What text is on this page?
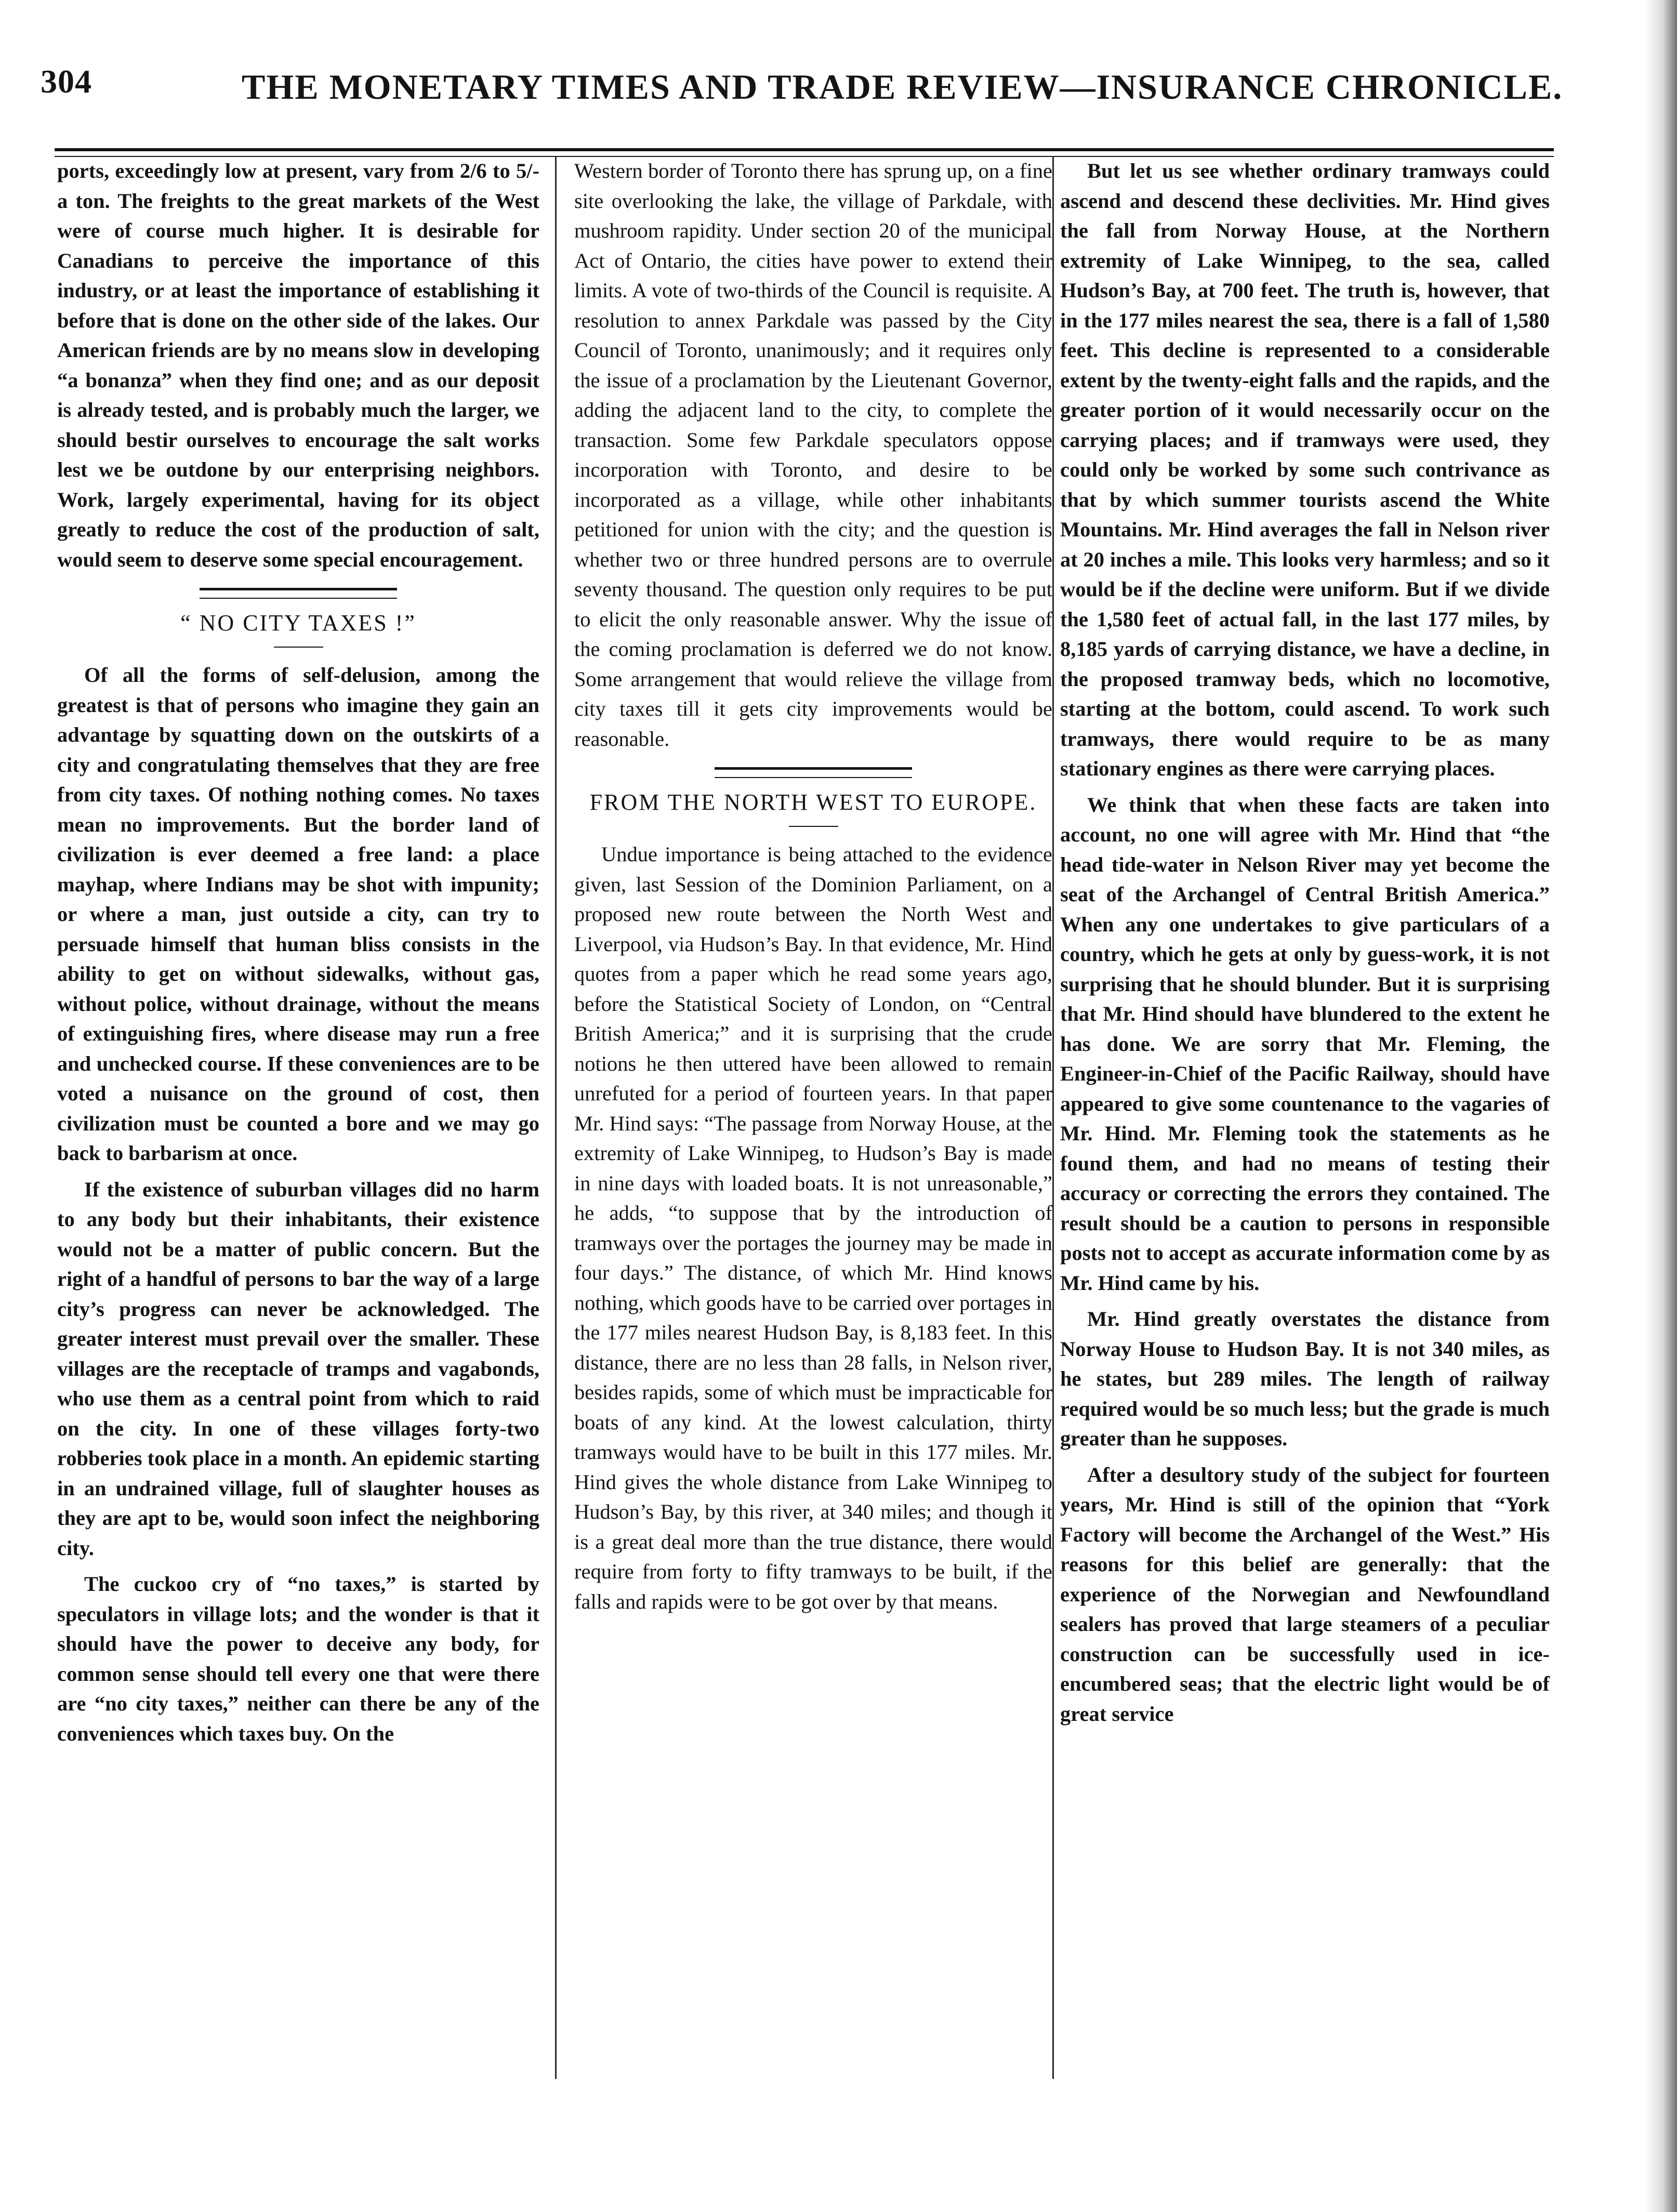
304	THE MONETARY TIMES AND TRADE REVIEW—INSURANCE CHRONICLE.

ports, exceedingly low at present, vary from 2/6 to 5/- a ton. The freights to the great markets of the West were of course much higher. It is desirable for Canadians to perceive the importance of this industry, or at least the importance of establishing it before that is done on the other side of the lakes. Our American friends are by no means slow in developing “a bonanza” when they find one; and as our deposit is already tested, and is probably much the larger, we should bestir ourselves to encourage the salt works lest we be outdone by our enterprising neighbors. Work, largely experimental, having for its object greatly to reduce the cost of the production of salt, would seem to deserve some special encouragement.

“ NO CITY TAXES !”

Of all the forms of self-delusion, among the greatest is that of persons who imagine they gain an advantage by squatting down on the outskirts of a city and congratulating themselves that they are free from city taxes. Of nothing nothing comes. No taxes mean no improvements. But the border land of civilization is ever deemed a free land: a place mayhap, where Indians may be shot with impunity; or where a man, just outside a city, can try to persuade himself that human bliss consists in the ability to get on without sidewalks, without gas, without police, without drainage, without the means of extinguishing fires, where disease may run a free and unchecked course. If these conveniences are to be voted a nuisance on the ground of cost, then civilization must be counted a bore and we may go back to barbarism at once.

If the existence of suburban villages did no harm to any body but their inhabitants, their existence would not be a matter of public concern. But the right of a handful of persons to bar the way of a large city’s progress can never be acknowledged. The greater interest must prevail over the smaller. These villages are the receptacle of tramps and vagabonds, who use them as a central point from which to raid on the city. In one of these villages forty-two robberies took place in a month. An epidemic starting in an undrained village, full of slaughter houses as they are apt to be, would soon infect the neighboring city.

The cuckoo cry of “no taxes,” is started by speculators in village lots; and the wonder is that it should have the power to deceive any body, for common sense should tell every one that were there are “no city taxes,” neither can there be any of the conveniences which taxes buy. On the

Western border of Toronto there has sprung up, on a fine site overlooking the lake, the village of Parkdale, with mushroom rapidity. Under section 20 of the municipal Act of Ontario, the cities have power to extend their limits. A vote of two-thirds of the Council is requisite. A resolution to annex Parkdale was passed by the City Council of Toronto, unanimously; and it requires only the issue of a proclamation by the Lieutenant Governor, adding the adjacent land to the city, to complete the transaction. Some few Parkdale speculators oppose incorporation with Toronto, and desire to be incorporated as a village, while other inhabitants petitioned for union with the city; and the question is whether two or three hundred persons are to overrule seventy thousand. The question only requires to be put to elicit the only reasonable answer. Why the issue of the coming proclamation is deferred we do not know. Some arrangement that would relieve the village from city taxes till it gets city improvements would be reasonable.

FROM THE NORTH WEST TO EUROPE.

Undue importance is being attached to the evidence given, last Session of the Dominion Parliament, on a proposed new route between the North West and Liverpool, via Hudson’s Bay. In that evidence, Mr. Hind quotes from a paper which he read some years ago, before the Statistical Society of London, on “Central British America;” and it is surprising that the crude notions he then uttered have been allowed to remain unrefuted for a period of fourteen years. In that paper Mr. Hind says: “The passage from Norway House, at the extremity of Lake Winnipeg, to Hudson’s Bay is made in nine days with loaded boats. It is not unreasonable,” he adds, “to suppose that by the introduction of tramways over the portages the journey may be made in four days.” The distance, of which Mr. Hind knows nothing, which goods have to be carried over portages in the 177 miles nearest Hudson Bay, is 8,183 feet. In this distance, there are no less than 28 falls, in Nelson river, besides rapids, some of which must be impracticable for boats of any kind. At the lowest calculation, thirty tramways would have to be built in this 177 miles. Mr. Hind gives the whole distance from Lake Winnipeg to Hudson’s Bay, by this river, at 340 miles; and though it is a great deal more than the true distance, there would require from forty to fifty tramways to be built, if the falls and rapids were to be got over by that means.

But let us see whether ordinary tramways could ascend and descend these declivities. Mr. Hind gives the fall from Norway House, at the Northern extremity of Lake Winnipeg, to the sea, called Hudson’s Bay, at 700 feet. The truth is, however, that in the 177 miles nearest the sea, there is a fall of 1,580 feet. This decline is represented to a considerable extent by the twenty-eight falls and the rapids, and the greater portion of it would necessarily occur on the carrying places; and if tramways were used, they could only be worked by some such contrivance as that by which summer tourists ascend the White Mountains. Mr. Hind averages the fall in Nelson river at 20 inches a mile. This looks very harmless; and so it would be if the decline were uniform. But if we divide the 1,580 feet of actual fall, in the last 177 miles, by 8,185 yards of carrying distance, we have a decline, in the proposed tramway beds, which no locomotive, starting at the bottom, could ascend. To work such tramways, there would require to be as many stationary engines as there were carrying places.

We think that when these facts are taken into account, no one will agree with Mr. Hind that “the head tide-water in Nelson River may yet become the seat of the Archangel of Central British America.” When any one undertakes to give particulars of a country, which he gets at only by guess-work, it is not surprising that he should blunder. But it is surprising that Mr. Hind should have blundered to the extent he has done. We are sorry that Mr. Fleming, the Engineer-in-Chief of the Pacific Railway, should have appeared to give some countenance to the vagaries of Mr. Hind. Mr. Fleming took the statements as he found them, and had no means of testing their accuracy or correcting the errors they contained. The result should be a caution to persons in responsible posts not to accept as accurate information come by as Mr. Hind came by his.

Mr. Hind greatly overstates the distance from Norway House to Hudson Bay. It is not 340 miles, as he states, but 289 miles. The length of railway required would be so much less; but the grade is much greater than he supposes.

After a desultory study of the subject for fourteen years, Mr. Hind is still of the opinion that “York Factory will become the Archangel of the West.” His reasons for this belief are generally: that the experience of the Norwegian and Newfoundland sealers has proved that large steamers of a peculiar construction can be successfully used in ice-encumbered seas; that the electric light would be of great service
